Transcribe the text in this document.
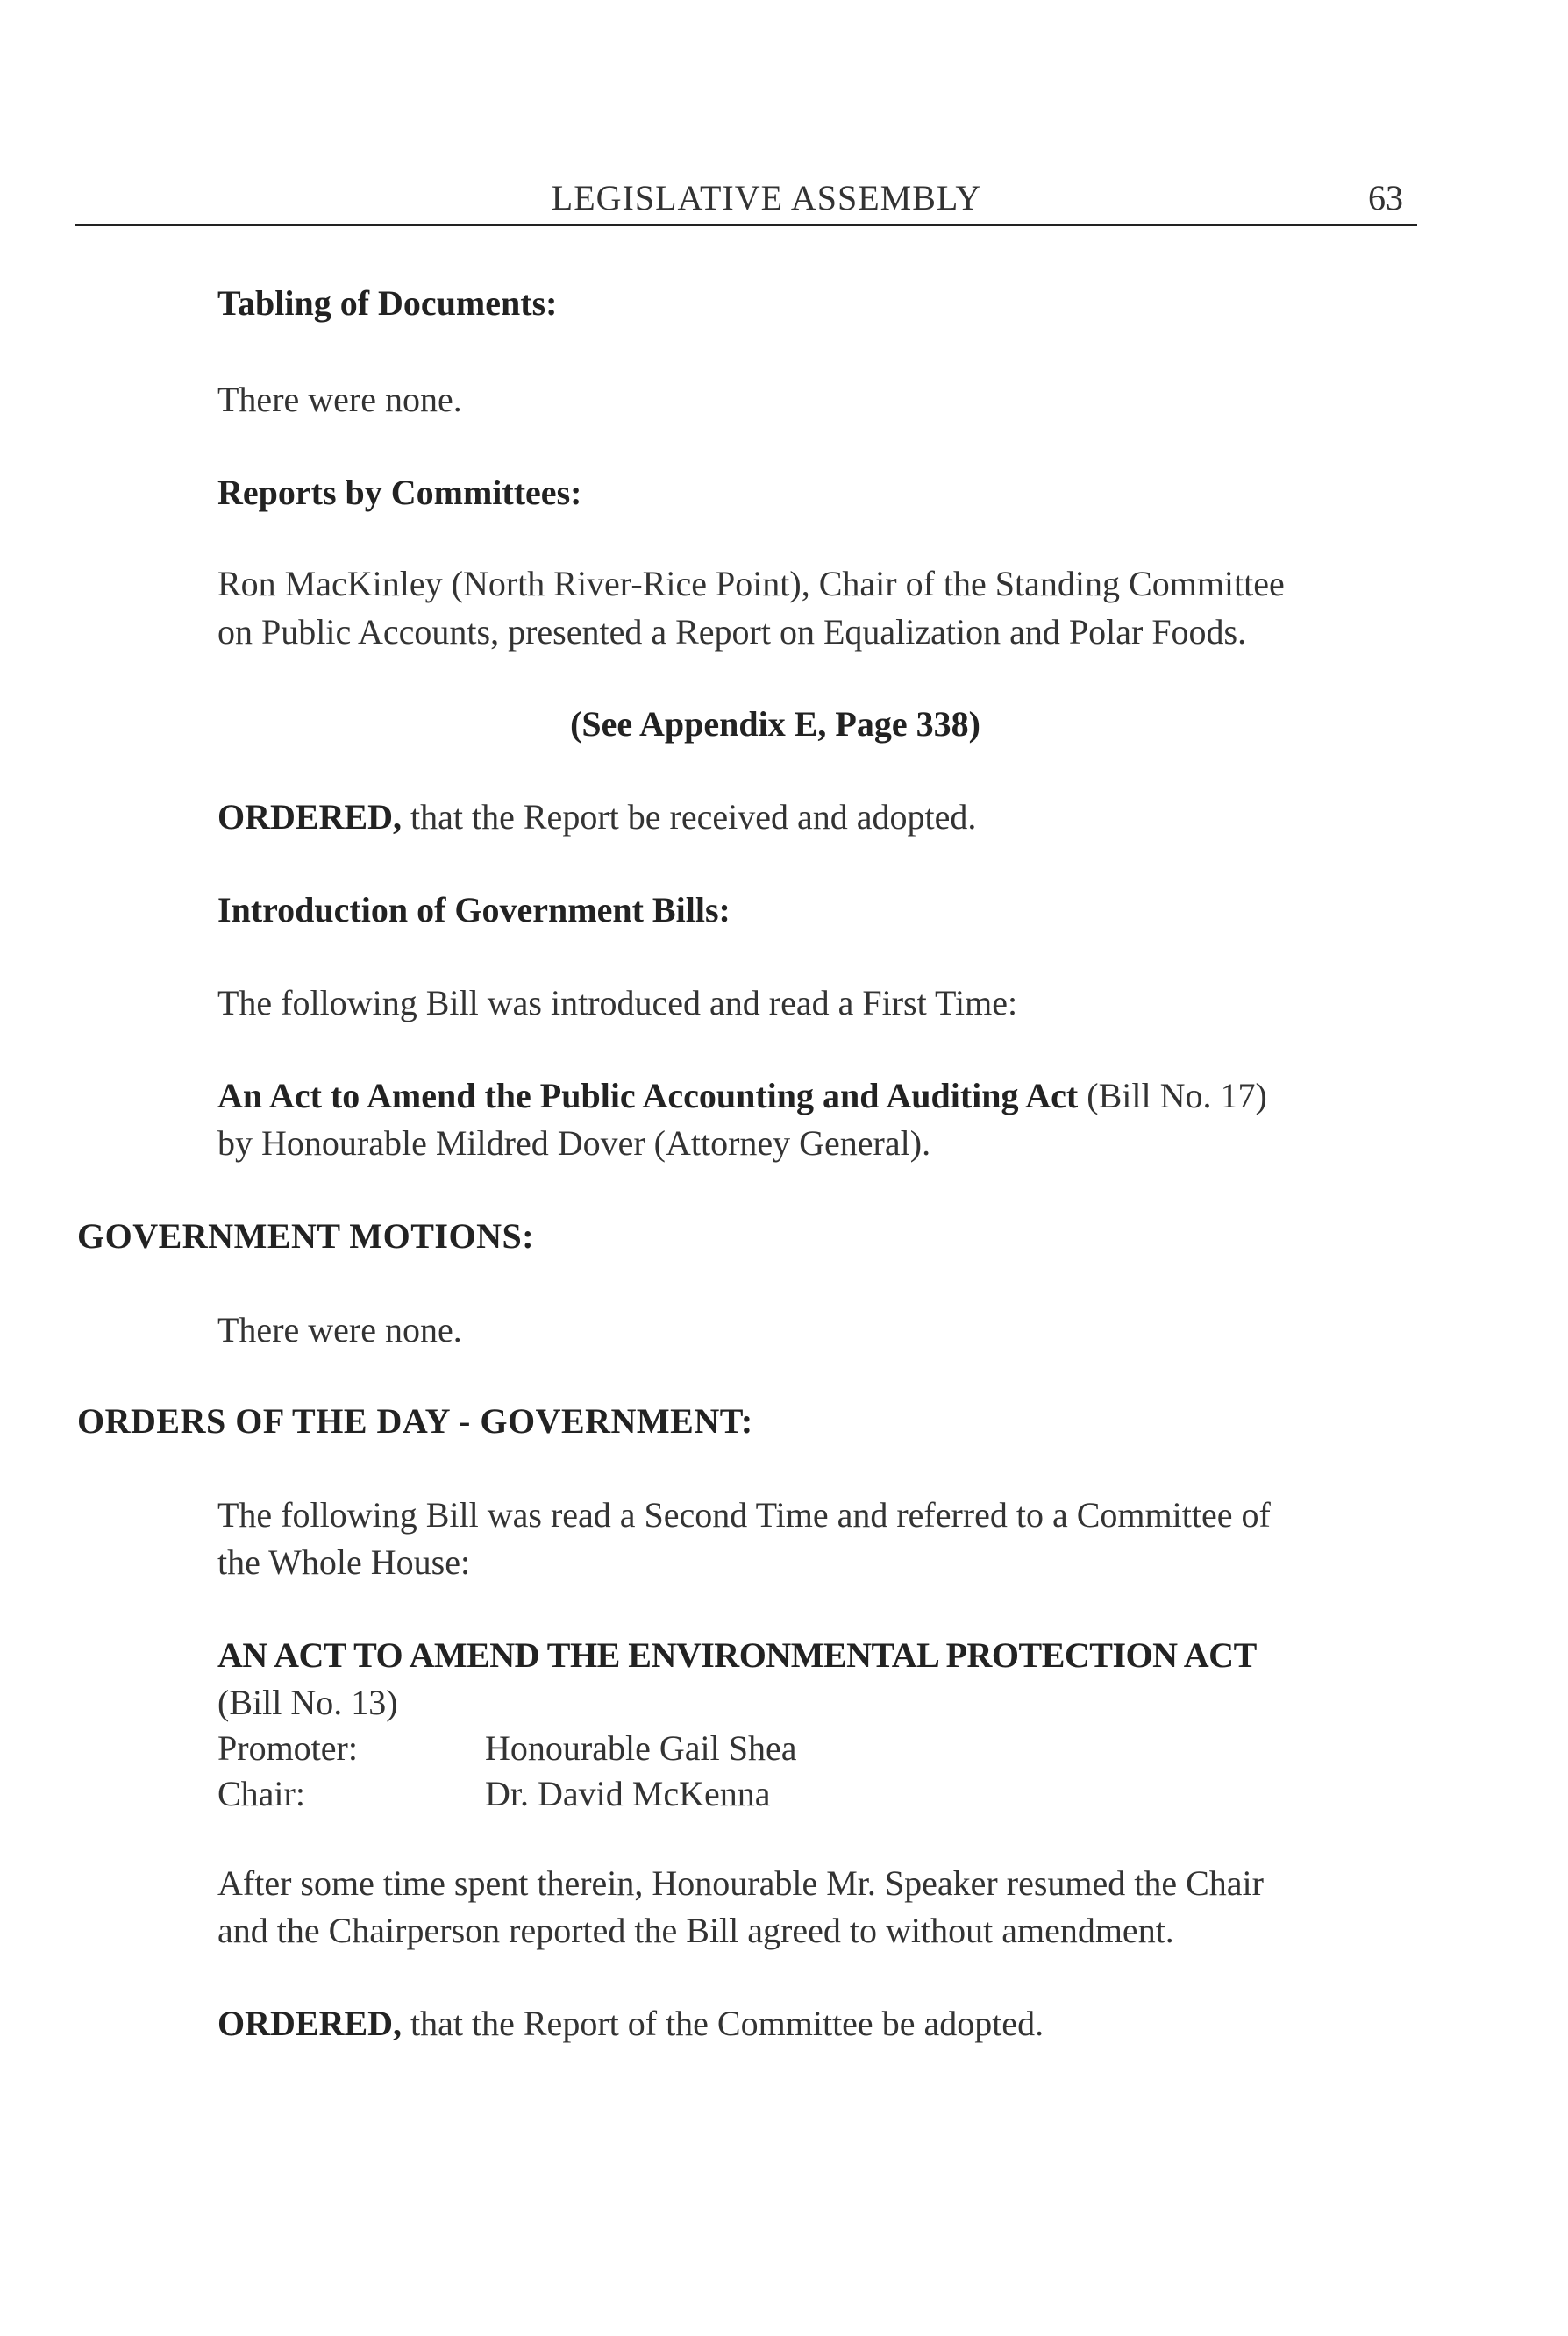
LEGISLATIVE ASSEMBLY	63
Tabling of Documents:
There were none.
Reports by Committees:
Ron MacKinley (North River-Rice Point), Chair of the Standing Committee
on Public Accounts, presented a Report on Equalization and Polar Foods.
(See Appendix E, Page 338)
ORDERED, that the Report be received and adopted.
Introduction of Government Bills:
The following Bill was introduced and read a First Time:
An Act to Amend the Public Accounting and Auditing Act (Bill No. 17)
by Honourable Mildred Dover (Attorney General).
GOVERNMENT MOTIONS:
There were none.
ORDERS OF THE DAY - GOVERNMENT:
The following Bill was read a Second Time and referred to a Committee of
the Whole House:
AN ACT TO AMEND THE ENVIRONMENTAL PROTECTION ACT
(Bill No. 13)
Promoter:	Honourable Gail Shea
Chair:	Dr. David McKenna
After some time spent therein, Honourable Mr. Speaker resumed the Chair
and the Chairperson reported the Bill agreed to without amendment.
ORDERED, that the Report of the Committee be adopted.
